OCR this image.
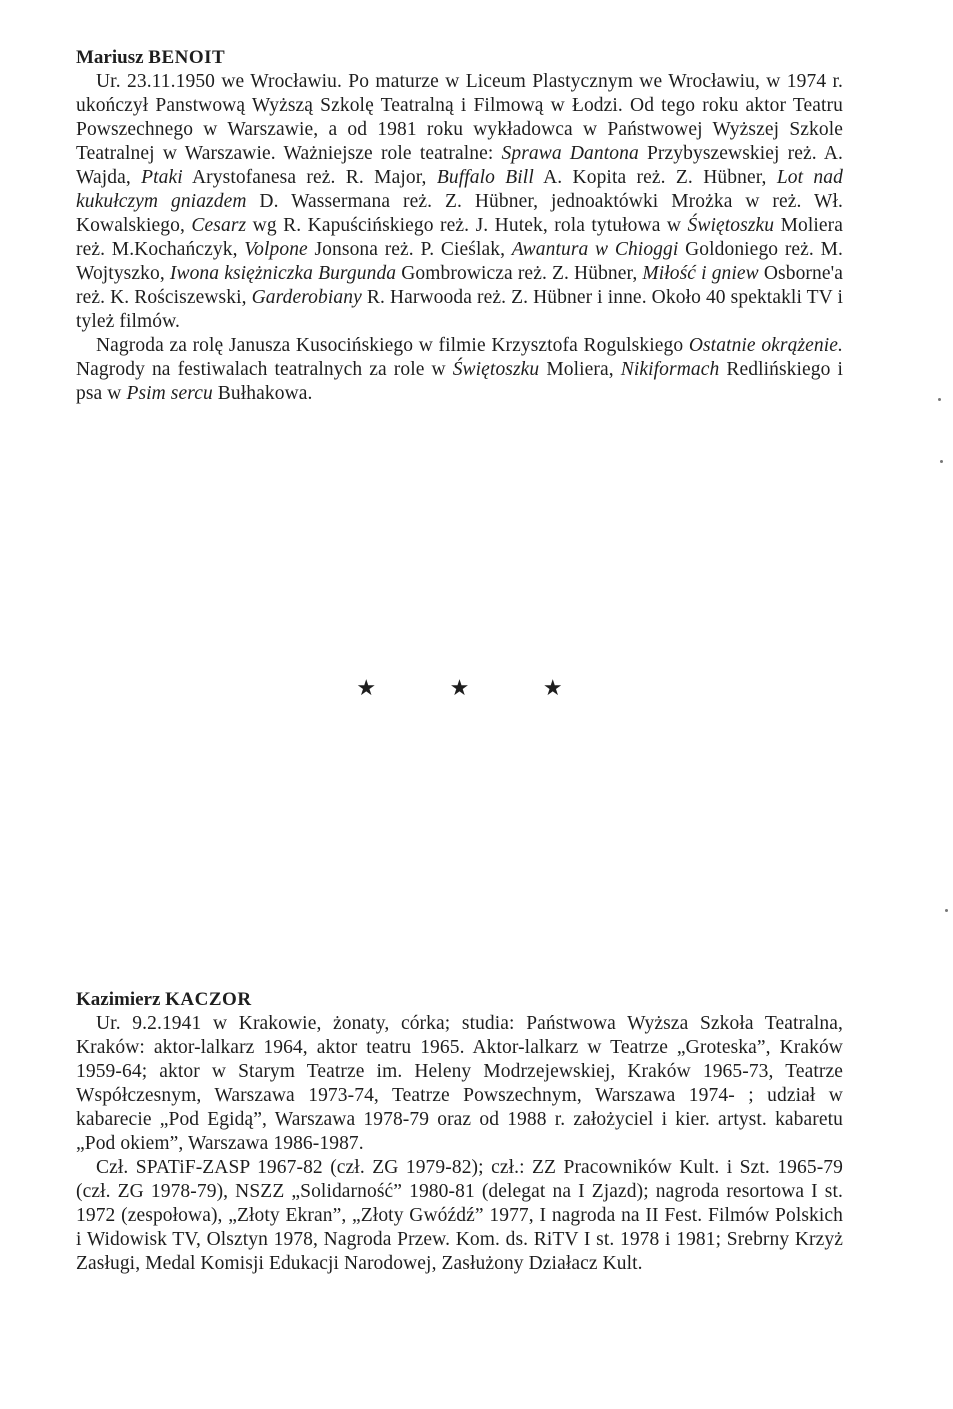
Mariusz BENOIT

Ur. 23.11.1950 we Wrocławiu. Po maturze w Liceum Plastycznym we Wrocławiu, w 1974 r. ukończył Panstwową Wyższą Szkolę Teatralną i Filmową w Łodzi. Od tego roku aktor Teatru Powszechnego w Warszawie, a od 1981 roku wykładowca w Państwowej Wyższej Szkole Teatralnej w Warszawie. Ważniejsze role teatralne: Sprawa Dantona Przybyszewskiej reż. A. Wajda, Ptaki Arystofanesa reż. R. Major, Buffalo Bill A. Kopita reż. Z. Hübner, Lot nad kukułczym gniazdem D. Wassermana reż. Z. Hübner, jednoaktówki Mrożka w reż. Wł. Kowalskiego, Cesarz wg R. Kapuścińskiego reż. J. Hutek, rola tytułowa w Świętoszku Moliera reż. M.Kochańczyk, Volpone Jonsona reż. P. Cieślak, Awantura w Chioggi Goldoniego reż. M. Wojtyszko, Iwona księżniczka Burgunda Gombrowicza reż. Z. Hübner, Miłość i gniew Osborne'a reż. K. Rościszewski, Garderobiany R. Harwooda reż. Z. Hübner i inne. Około 40 spektakli TV i tyleż filmów.

Nagroda za rolę Janusza Kusocińskiego w filmie Krzysztofa Rogulskiego Ostatnie okrążenie. Nagrody na festiwalach teatralnych za role w Świętoszku Moliera, Nikiformach Redlińskiego i psa w Psim sercu Bułhakowa.

★	★	★

Kazimierz KACZOR

Ur. 9.2.1941 w Krakowie, żonaty, córka; studia: Państwowa Wyższa Szkoła Teatralna, Kraków: aktor-lalkarz 1964, aktor teatru 1965. Aktor-lalkarz w Teatrze „Groteska”, Kraków 1959-64; aktor w Starym Teatrze im. Heleny Modrzejewskiej, Kraków 1965-73, Teatrze Współczesnym, Warszawa 1973-74, Teatrze Powszechnym, Warszawa 1974- ; udział w kabarecie „Pod Egidą”, Warszawa 1978-79 oraz od 1988 r. założyciel i kier. artyst. kabaretu „Pod okiem”, Warszawa 1986-1987.

Czł. SPATiF-ZASP 1967-82 (czł. ZG 1979-82); czł.: ZZ Pracowników Kult. i Szt. 1965-79 (czł. ZG 1978-79), NSZZ „Solidarność” 1980-81 (delegat na I Zjazd); nagroda resortowa I st. 1972 (zespołowa), „Złoty Ekran”, „Złoty Gwóźdź” 1977, I nagroda na II Fest. Filmów Polskich i Widowisk TV, Olsztyn 1978, Nagroda Przew. Kom. ds. RiTV I st. 1978 i 1981; Srebrny Krzyż Zasługi, Medal Komisji Edukacji Narodowej, Zasłużony Działacz Kult.
